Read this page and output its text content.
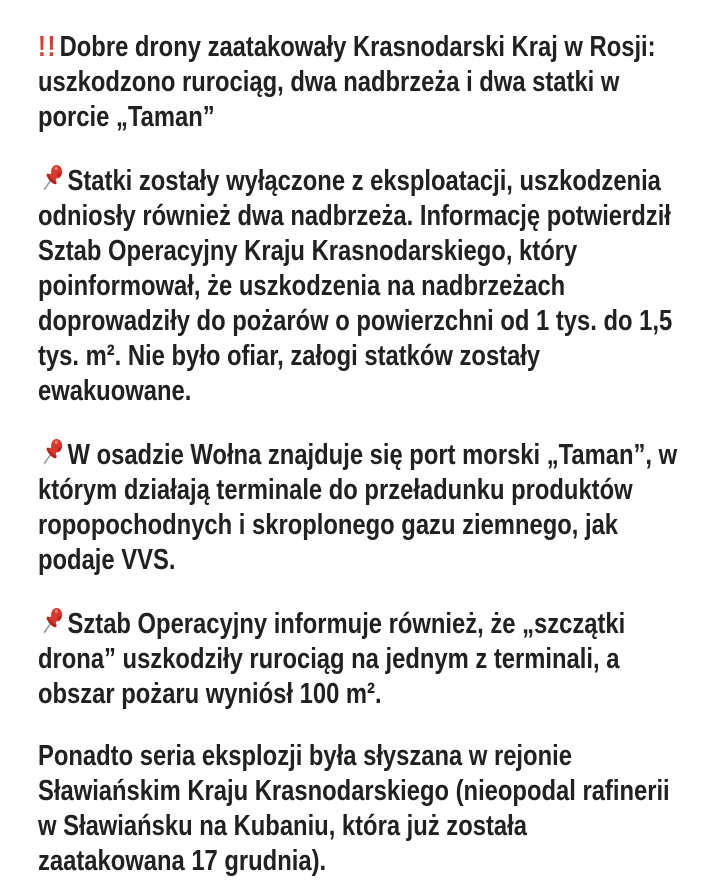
!!Dobre drony zaatakowały Krasnodarski Kraj w Rosji: uszkodzono rurociąg, dwa nadbrzeża i dwa statki w porcie „Taman”

Statki zostały wyłączone z eksploatacji, uszkodzenia odniosły również dwa nadbrzeża. Informację potwierdził Sztab Operacyjny Kraju Krasnodarskiego, który poinformował, że uszkodzenia na nadbrzeżach doprowadziły do pożarów o powierzchni od 1 tys. do 1,5 tys. m². Nie było ofiar, załogi statków zostały ewakuowane.

W osadzie Wołna znajduje się port morski „Taman”, w którym działają terminale do przeładunku produktów ropopochodnych i skroplonego gazu ziemnego, jak podaje VVS.

Sztab Operacyjny informuje również, że „szczątki drona” uszkodziły rurociąg na jednym z terminali, a obszar pożaru wyniósł 100 m².

Ponadto seria eksplozji była słyszana w rejonie Sławiańskim Kraju Krasnodarskiego (nieopodal rafinerii w Sławiańsku na Kubaniu, która już została zaatakowana 17 grudnia).
